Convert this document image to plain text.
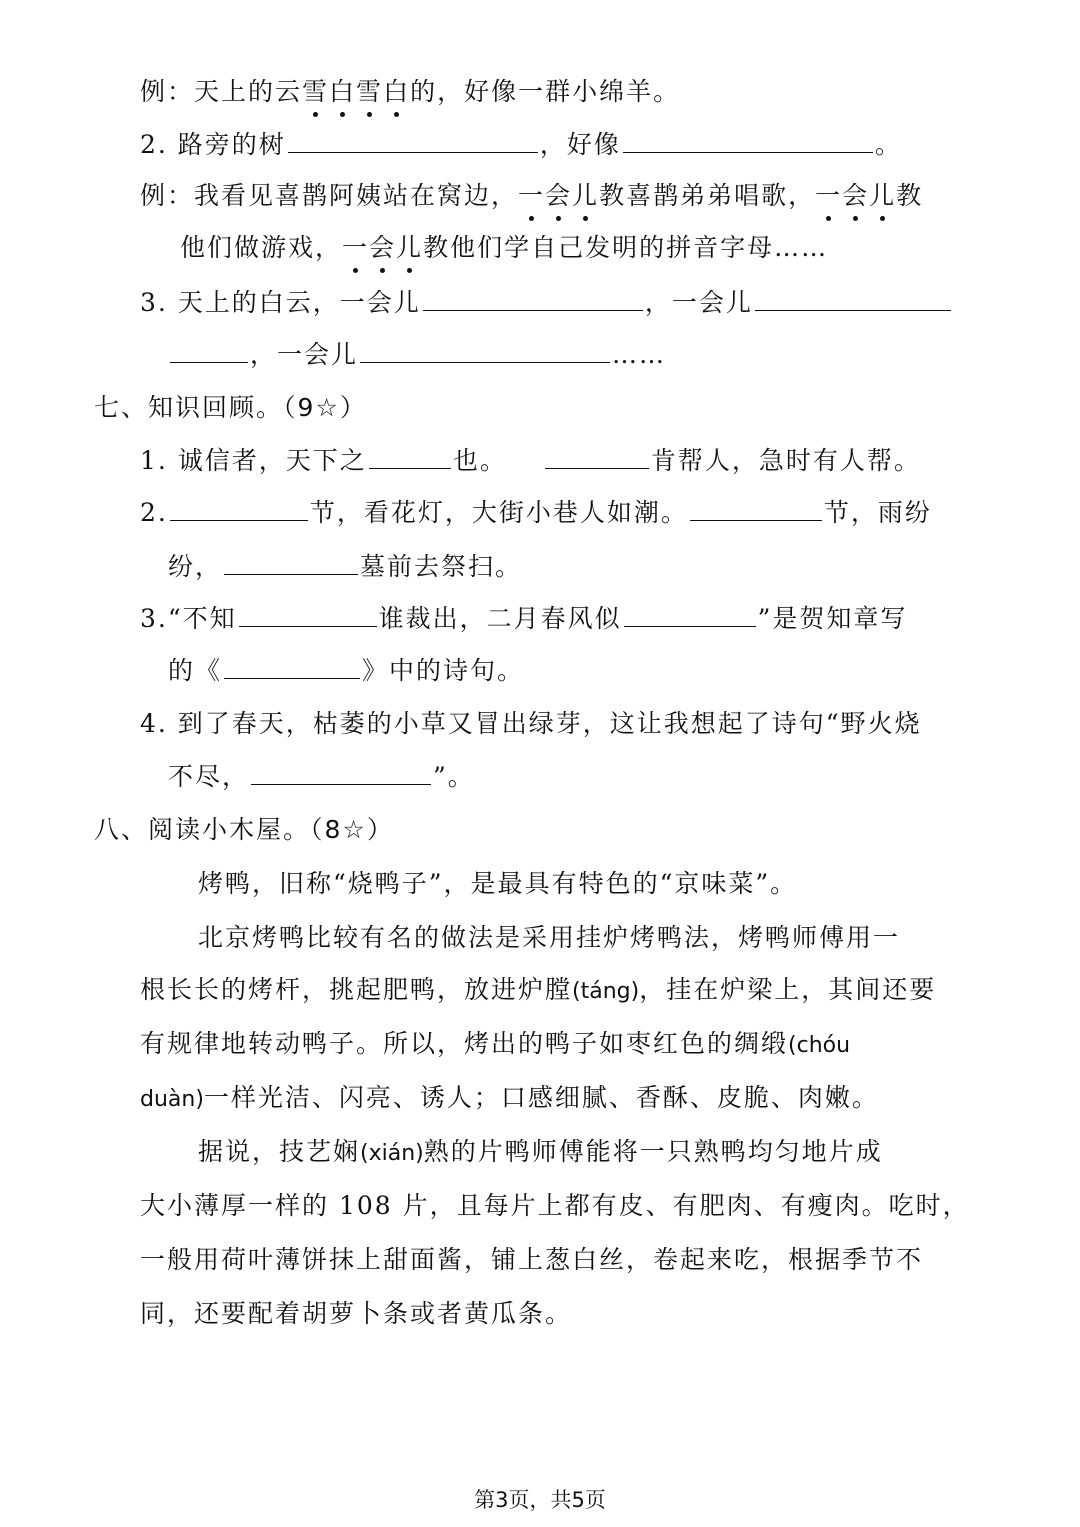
例：天上的云雪白雪白的，好像一群小绵羊。
2. 路旁的树	，好像	。
例：我看见喜鹊阿姨站在窝边，一会儿教喜鹊弟弟唱歌，一会儿教
他们做游戏，一会儿教他们学自己发明的拼音字母……
3. 天上的白云，一会儿	，一会儿
，一会儿	……
七、知识回顾。（9☆）
1. 诚信者，天下之	也。	肯帮人，急时有人帮。
2.	节，看花灯，大街小巷人如潮。	节，雨纷
纷，	墓前去祭扫。
3.“不知	谁裁出，二月春风似	”是贺知章写
的《	》中的诗句。
4. 到了春天，枯萎的小草又冒出绿芽，这让我想起了诗句“野火烧
不尽，	”。
八、阅读小木屋。（8☆）
烤鸭，旧称“烧鸭子”，是最具有特色的“京味菜”。
北京烤鸭比较有名的做法是采用挂炉烤鸭法，烤鸭师傅用一
根长长的烤杆，挑起肥鸭，放进炉膛(táng)，挂在炉梁上，其间还要
有规律地转动鸭子。所以，烤出的鸭子如枣红色的绸缎(chóu
duàn)一样光洁、闪亮、诱人；口感细腻、香酥、皮脆、肉嫩。
据说，技艺娴(xián)熟的片鸭师傅能将一只熟鸭均匀地片成
大小薄厚一样的 108 片，且每片上都有皮、有肥肉、有瘦肉。吃时，
一般用荷叶薄饼抹上甜面酱，铺上葱白丝，卷起来吃，根据季节不
同，还要配着胡萝卜条或者黄瓜条。
第3页，共5页
